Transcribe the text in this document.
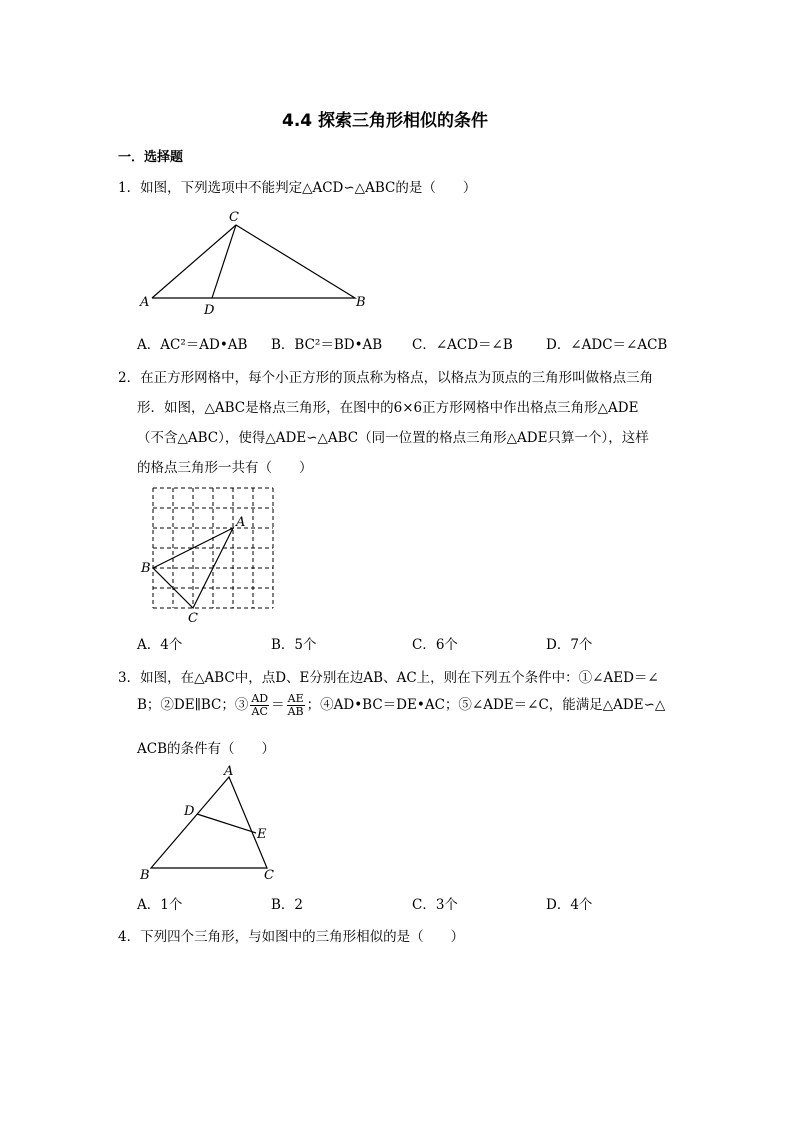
4.4 探索三角形相似的条件
一．选择题
1．如图，下列选项中不能判定△ACD∽△ABC的是（　　）
C
A
D
B
A．AC²＝AD•AB B．BC²＝BD•AB C．∠ACD＝∠B D．∠ADC＝∠ACB
2．在正方形网格中，每个小正方形的顶点称为格点，以格点为顶点的三角形叫做格点三角
形．如图，△ABC是格点三角形，在图中的6×6正方形网格中作出格点三角形△ADE
（不含△ABC），使得△ADE∽△ABC（同一位置的格点三角形△ADE只算一个），这样
的格点三角形一共有（　　）
A
B
C
A．4个	B．5个	C．6个	D．7个
3．如图，在△ABC中，点D、E分别在边AB、AC上，则在下列五个条件中：①∠AED＝∠
B；②DE∥BC；③ $\frac{AD}{AC} = \frac{AE}{AB}$ ；④AD•BC＝DE•AC；⑤∠ADE＝∠C，能满足△ADE∽△
ACB的条件有（　　）
A
D
E
B	C
A．1个	B．2	C．3个	D．4个
4．下列四个三角形，与如图中的三角形相似的是（　　）
